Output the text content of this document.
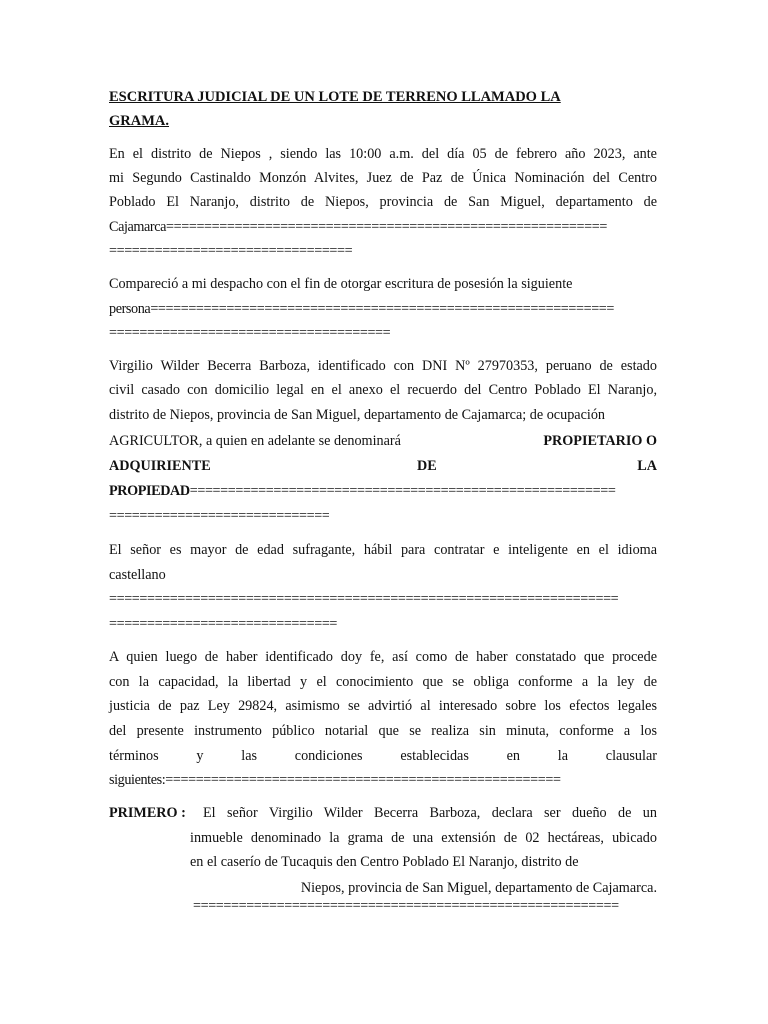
ESCRITURA JUDICIAL DE UN LOTE DE TERRENO LLAMADO LA
GRAMA.
En el distrito de Niepos , siendo las 10:00 a.m. del día 05 de febrero año 2023, ante
mi Segundo Castinaldo Monzón Alvites, Juez de Paz de Única Nominación del Centro
Poblado El Naranjo, distrito de Niepos, provincia de San Miguel, departamento de
Cajamarca==========================================================
================================
Compareció a mi despacho con el fin de otorgar escritura de posesión la siguiente
persona=============================================================
=====================================
Virgilio Wilder Becerra Barboza, identificado con DNI Nº 27970353, peruano de estado
civil casado con domicilio legal en el anexo el recuerdo del Centro Poblado El Naranjo,
distrito de Niepos, provincia de San Miguel, departamento de Cajamarca; de ocupación
AGRICULTOR, a quien en adelante se denominará	PROPIETARIO O
ADQUIRIENTE	DE	LA
PROPIEDAD========================================================
=============================
El señor es mayor de edad sufragante, hábil para contratar e inteligente en el idioma
castellano
===================================================================
==============================
A quien luego de haber identificado doy fe, así como de haber constatado que procede
con la capacidad, la libertad y el conocimiento que se obliga conforme a la ley de
justicia de paz Ley 29824, asimismo se advirtió al interesado sobre los efectos legales
del presente instrumento público notarial que se realiza sin minuta, conforme a los
términos y las condiciones establecidas en la clausular
siguientes:====================================================
PRIMERO : El señor Virgilio Wilder Becerra Barboza, declara ser dueño de un
inmueble denominado la grama de una extensión de 02 hectáreas, ubicado
en el caserío de Tucaquis den Centro Poblado El Naranjo, distrito de
Niepos, provincia de San Miguel, departamento de Cajamarca.
========================================================
